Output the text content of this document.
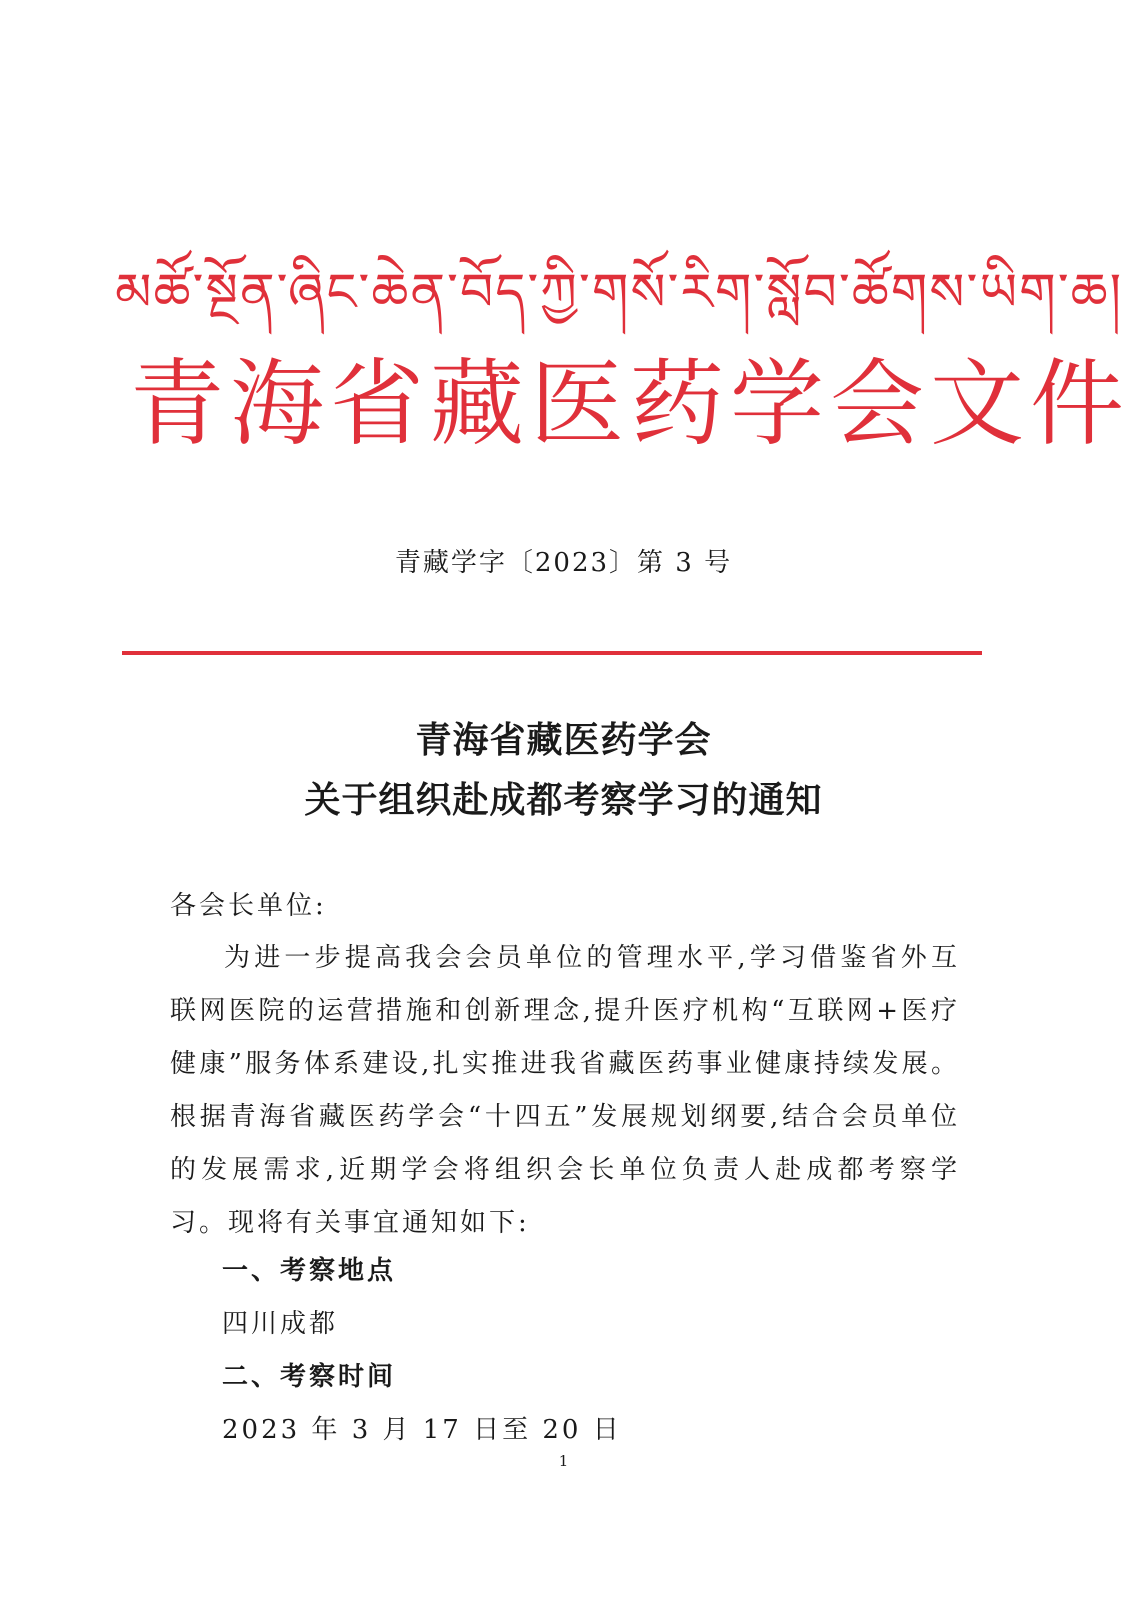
མཚོ་སྔོན་ཞིང་ཆེན་བོད་ཀྱི་གསོ་རིག་སློབ་ཚོགས་ཡིག་ཆ།
青海省藏医药学会文件
青藏学字〔2023〕第 3 号
青海省藏医药学会
关于组织赴成都考察学习的通知
各会长单位:
为进一步提高我会会员单位的管理水平,学习借鉴省外互联网医院的运营措施和创新理念,提升医疗机构“互联网+医疗健康”服务体系建设,扎实推进我省藏医药事业健康持续发展。根据青海省藏医药学会“十四五”发展规划纲要,结合会员单位的发展需求,近期学会将组织会长单位负责人赴成都考察学习。现将有关事宜通知如下:
一、考察地点
四川成都
二、考察时间
2023 年 3 月 17 日至 20 日
1
